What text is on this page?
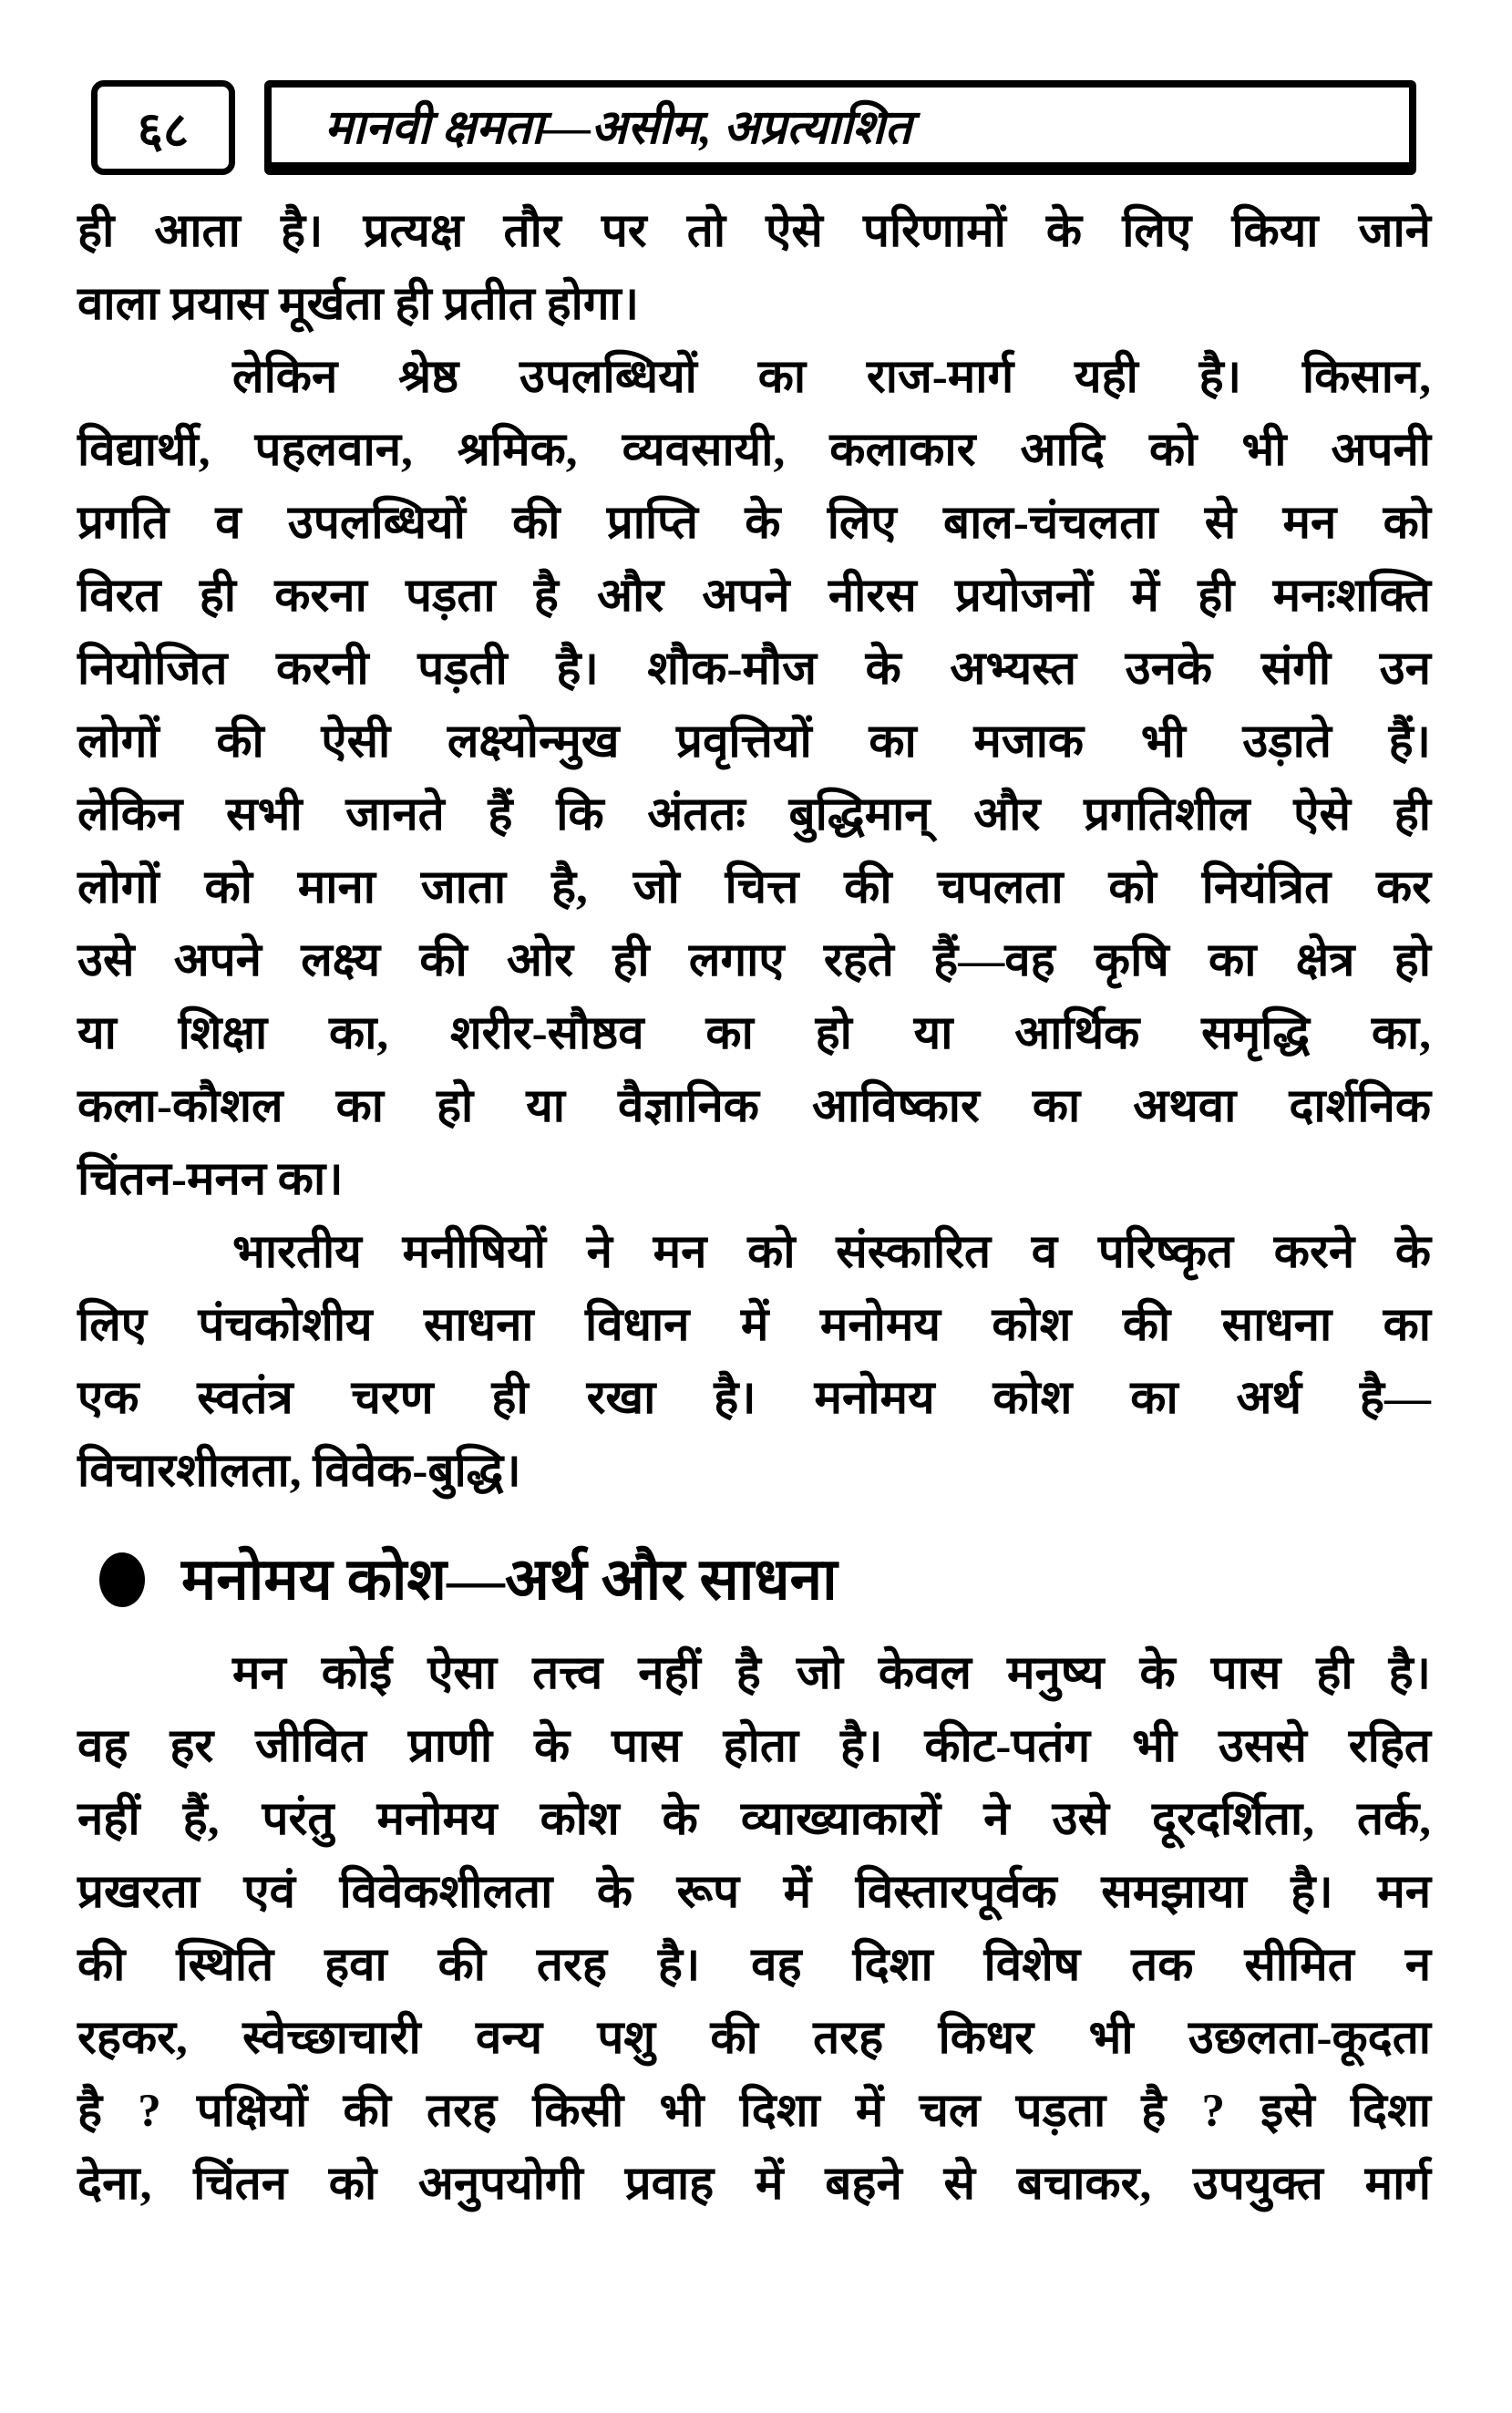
६८	मानवी क्षमता—असीम, अप्रत्याशित
ही आता है। प्रत्यक्ष तौर पर तो ऐसे परिणामों के लिए किया जाने
वाला प्रयास मूर्खता ही प्रतीत होगा।
लेकिन श्रेष्ठ उपलब्धियों का राज-मार्ग यही है। किसान,
विद्यार्थी, पहलवान, श्रमिक, व्यवसायी, कलाकार आदि को भी अपनी
प्रगति व उपलब्धियों की प्राप्ति के लिए बाल-चंचलता से मन को
विरत ही करना पड़ता है और अपने नीरस प्रयोजनों में ही मनःशक्ति
नियोजित करनी पड़ती है। शौक-मौज के अभ्यस्त उनके संगी उन
लोगों की ऐसी लक्ष्योन्मुख प्रवृत्तियों का मजाक भी उड़ाते हैं।
लेकिन सभी जानते हैं कि अंततः बुद्धिमान् और प्रगतिशील ऐसे ही
लोगों को माना जाता है, जो चित्त की चपलता को नियंत्रित कर
उसे अपने लक्ष्य की ओर ही लगाए रहते हैं—वह कृषि का क्षेत्र हो
या शिक्षा का, शरीर-सौष्ठव का हो या आर्थिक समृद्धि का,
कला-कौशल का हो या वैज्ञानिक आविष्कार का अथवा दार्शनिक
चिंतन-मनन का।
भारतीय मनीषियों ने मन को संस्कारित व परिष्कृत करने के
लिए पंचकोशीय साधना विधान में मनोमय कोश की साधना का
एक स्वतंत्र चरण ही रखा है। मनोमय कोश का अर्थ है—
विचारशीलता, विवेक-बुद्धि।
मनोमय कोश—अर्थ और साधना
मन कोई ऐसा तत्त्व नहीं है जो केवल मनुष्य के पास ही है।
वह हर जीवित प्राणी के पास होता है। कीट-पतंग भी उससे रहित
नहीं हैं, परंतु मनोमय कोश के व्याख्याकारों ने उसे दूरदर्शिता, तर्क,
प्रखरता एवं विवेकशीलता के रूप में विस्तारपूर्वक समझाया है। मन
की स्थिति हवा की तरह है। वह दिशा विशेष तक सीमित न
रहकर, स्वेच्छाचारी वन्य पशु की तरह किधर भी उछलता-कूदता
है ? पक्षियों की तरह किसी भी दिशा में चल पड़ता है ? इसे दिशा
देना, चिंतन को अनुपयोगी प्रवाह में बहने से बचाकर, उपयुक्त मार्ग
